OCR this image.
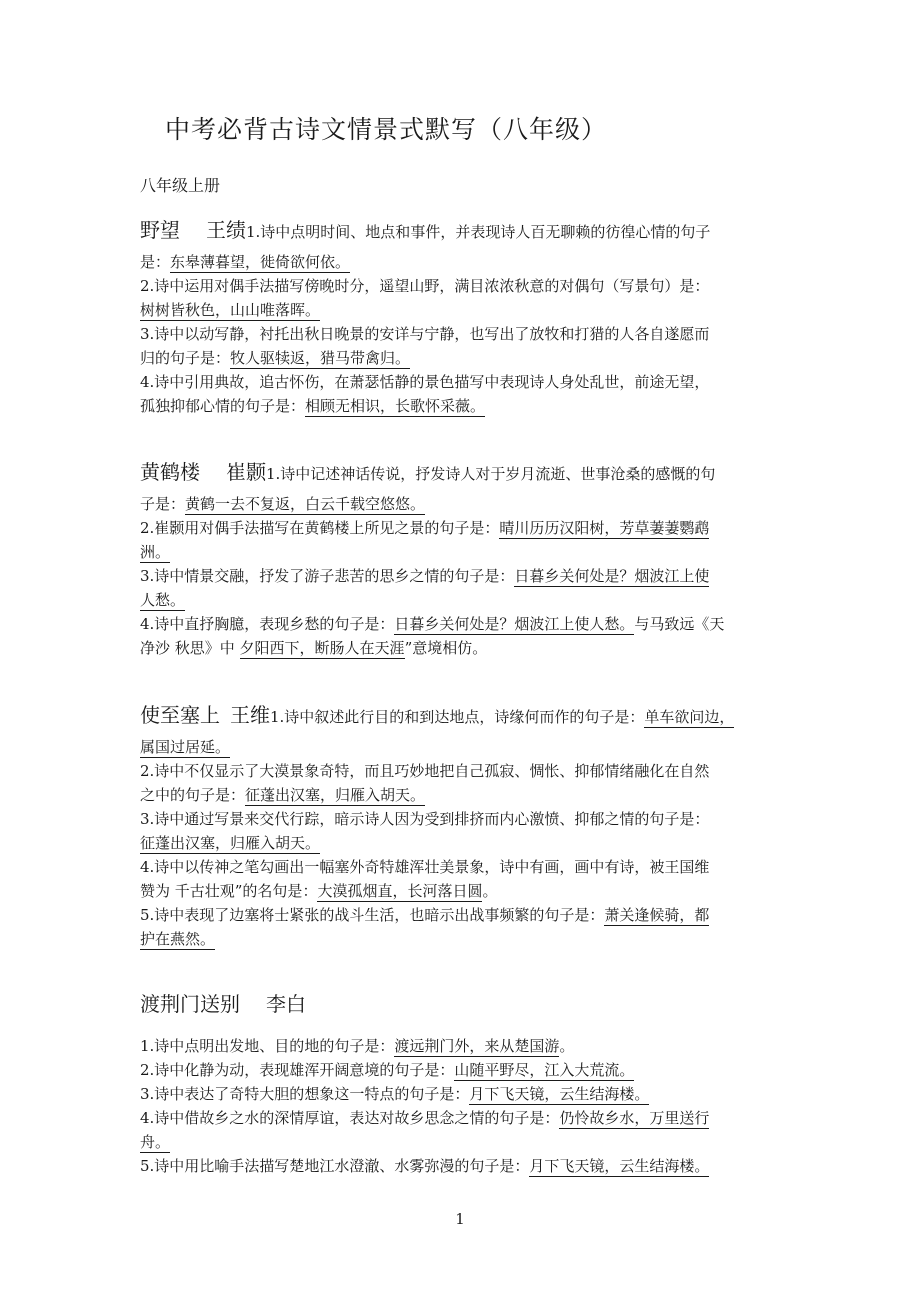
中考必背古诗文情景式默写（八年级）
八年级上册
野望 王绩1.诗中点明时间、地点和事件，并表现诗人百无聊赖的彷徨心情的句子
是：东皋薄暮望，徙倚欲何依。
2.诗中运用对偶手法描写傍晚时分，遥望山野，满目浓浓秋意的对偶句（写景句）是：
树树皆秋色，山山唯落晖。
3.诗中以动写静，衬托出秋日晚景的安详与宁静，也写出了放牧和打猎的人各自遂愿而
归的句子是：牧人驱犊返，猎马带禽归。
4.诗中引用典故，追古怀伤，在萧瑟恬静的景色描写中表现诗人身处乱世，前途无望，
孤独抑郁心情的句子是：相顾无相识，长歌怀采薇。
黄鹤楼 崔颢1.诗中记述神话传说，抒发诗人对于岁月流逝、世事沧桑的感慨的句
子是：黄鹤一去不复返，白云千载空悠悠。
2.崔颢用对偶手法描写在黄鹤楼上所见之景的句子是：晴川历历汉阳树，芳草萋萋鹦鹉
洲。
3.诗中情景交融，抒发了游子悲苦的思乡之情的句子是：日暮乡关何处是？烟波江上使
人愁。
4.诗中直抒胸臆，表现乡愁的句子是：日暮乡关何处是？烟波江上使人愁。与马致远《天
净沙 秋思》中 夕阳西下，断肠人在天涯”意境相仿。
使至塞上 王维1.诗中叙述此行目的和到达地点，诗缘何而作的句子是：单车欲问边，
属国过居延。
2.诗中不仅显示了大漠景象奇特，而且巧妙地把自己孤寂、惆怅、抑郁情绪融化在自然
之中的句子是：征蓬出汉塞，归雁入胡天。
3.诗中通过写景来交代行踪，暗示诗人因为受到排挤而内心激愤、抑郁之情的句子是：
征蓬出汉塞，归雁入胡天。
4.诗中以传神之笔勾画出一幅塞外奇特雄浑壮美景象，诗中有画，画中有诗，被王国维
赞为 千古壮观”的名句是：大漠孤烟直，长河落日圆。
5.诗中表现了边塞将士紧张的战斗生活，也暗示出战事频繁的句子是：萧关逢候骑，都
护在燕然。
渡荆门送别 李白
1.诗中点明出发地、目的地的句子是：渡远荆门外，来从楚国游。
2.诗中化静为动，表现雄浑开阔意境的句子是：山随平野尽，江入大荒流。
3.诗中表达了奇特大胆的想象这一特点的句子是：月下飞天镜，云生结海楼。
4.诗中借故乡之水的深情厚谊，表达对故乡思念之情的句子是：仍怜故乡水，万里送行
舟。
5.诗中用比喻手法描写楚地江水澄澈、水雾弥漫的句子是：月下飞天镜，云生结海楼。
1
